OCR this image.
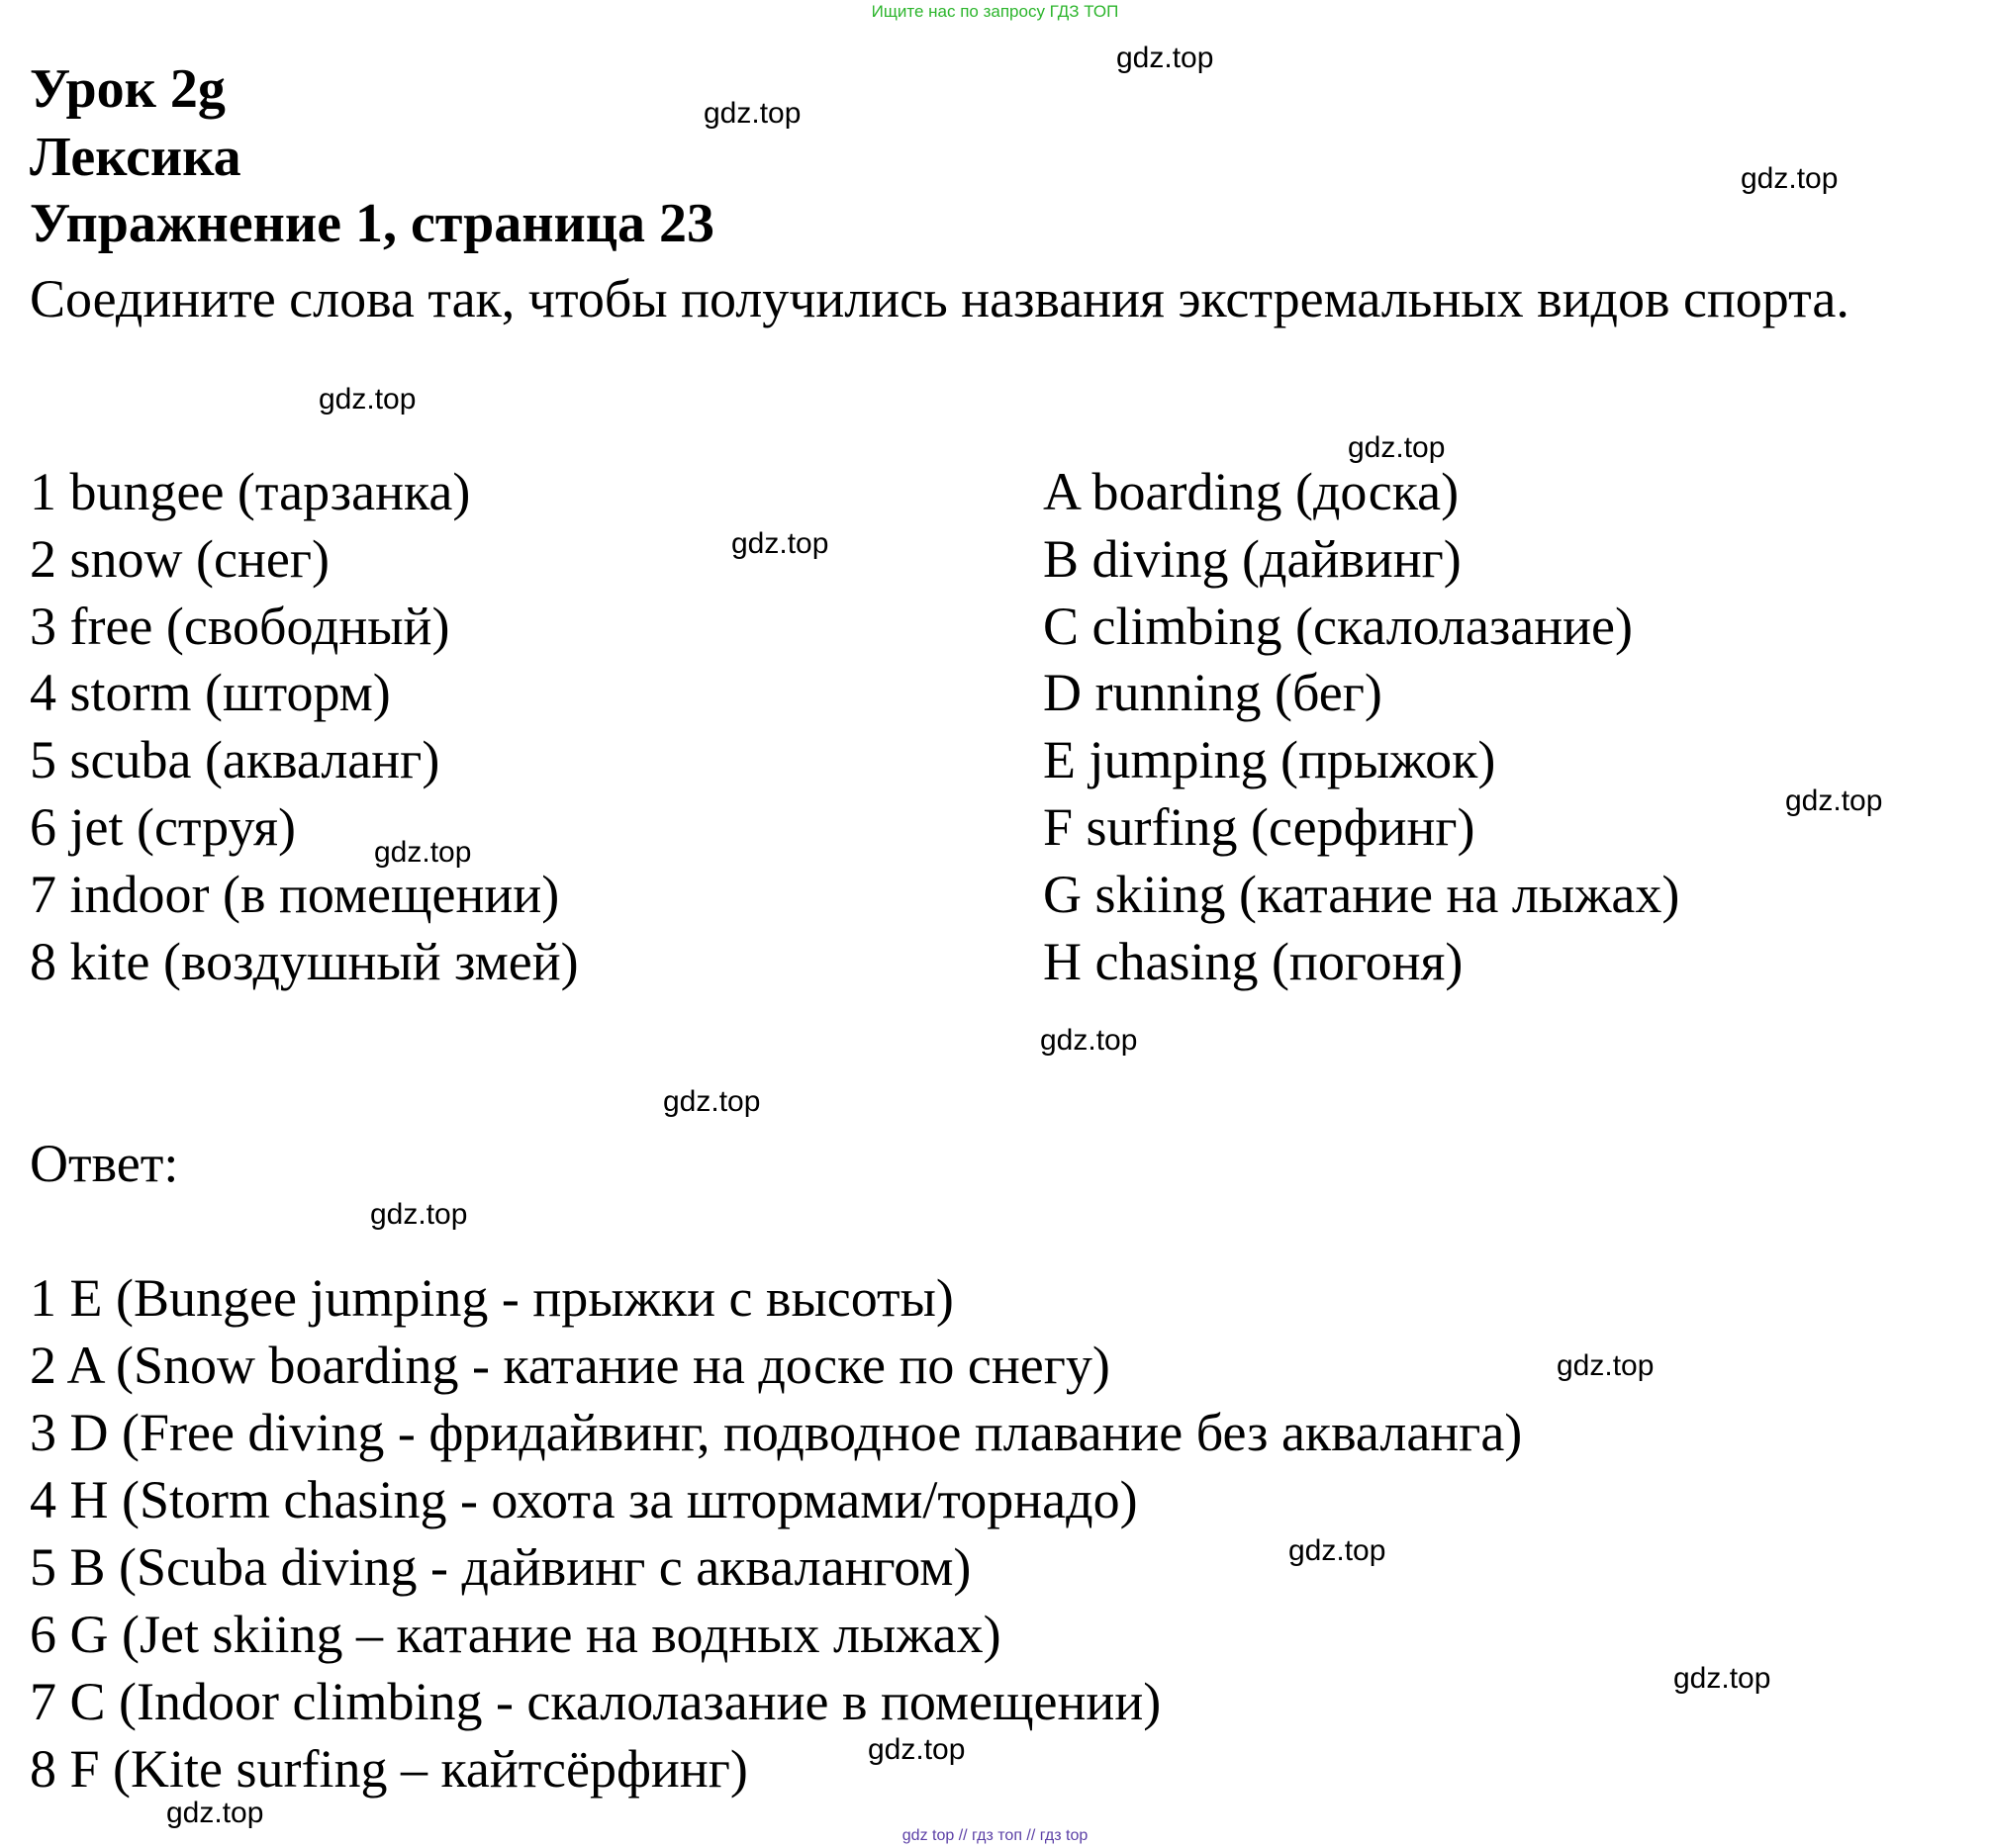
Ищите нас по запросу ГДЗ ТОП
Урок 2g
Лексика
Упражнение 1, страница 23
Соедините слова так, чтобы получились названия экстремальных видов спорта.
1 bungee (тарзанка)
2 snow (снег)
3 free (свободный)
4 storm (шторм)
5 scuba (акваланг)
6 jet (струя)
7 indoor (в помещении)
8 kite (воздушный змей)
A boarding (доска)
B diving (дайвинг)
C climbing (скалолазание)
D running (бег)
E jumping (прыжок)
F surfing (серфинг)
G skiing (катание на лыжах)
H chasing (погоня)
Ответ:
1 E (Bungee jumping - прыжки с высоты)
2 A (Snow boarding - катание на доске по снегу)
3 D (Free diving - фридайвинг, подводное плавание без акваланга)
4 H (Storm chasing - охота за штормами/торнадо)
5 B (Scuba diving - дайвинг с аквалангом)
6 G (Jet skiing – катание на водных лыжах)
7 C (Indoor climbing - скалолазание в помещении)
8 F (Kite surfing – кайтсёрфинг)
gdz.top
gdz.top
gdz.top
gdz.top
gdz.top
gdz.top
gdz.top
gdz.top
gdz.top
gdz.top
gdz.top
gdz.top
gdz.top
gdz.top
gdz.top
gdz.top
gdz top // гдз топ // гдз top
